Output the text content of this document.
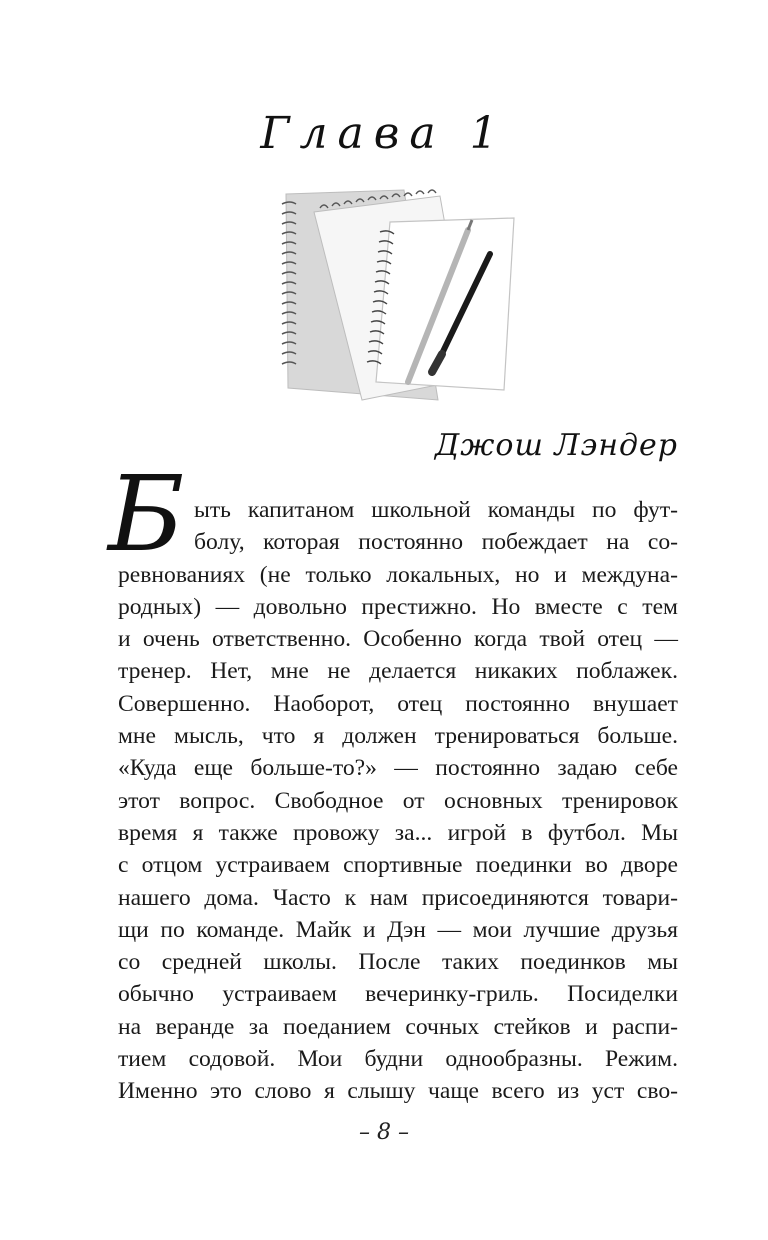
Глава 1
Джош Лэндер
Б ыть капитаном школьной команды по фут-
болу, которая постоянно побеждает на со-
ревнованиях (не только локальных, но и междуна-
родных) — довольно престижно. Но вместе с тем
и очень ответственно. Особенно когда твой отец —
тренер. Нет, мне не делается никаких поблажек.
Совершенно. Наоборот, отец постоянно внушает
мне мысль, что я должен тренироваться больше.
«Куда еще больше-то?» — постоянно задаю себе
этот вопрос. Свободное от основных тренировок
время я также провожу за... игрой в футбол. Мы
с отцом устраиваем спортивные поединки во дворе
нашего дома. Часто к нам присоединяются товари-
щи по команде. Майк и Дэн — мои лучшие друзья
со средней школы. После таких поединков мы
обычно устраиваем вечеринку-гриль. Посиделки
на веранде за поеданием сочных стейков и распи-
тием содовой. Мои будни однообразны. Режим.
Именно это слово я слышу чаще всего из уст сво-
– 8 –
